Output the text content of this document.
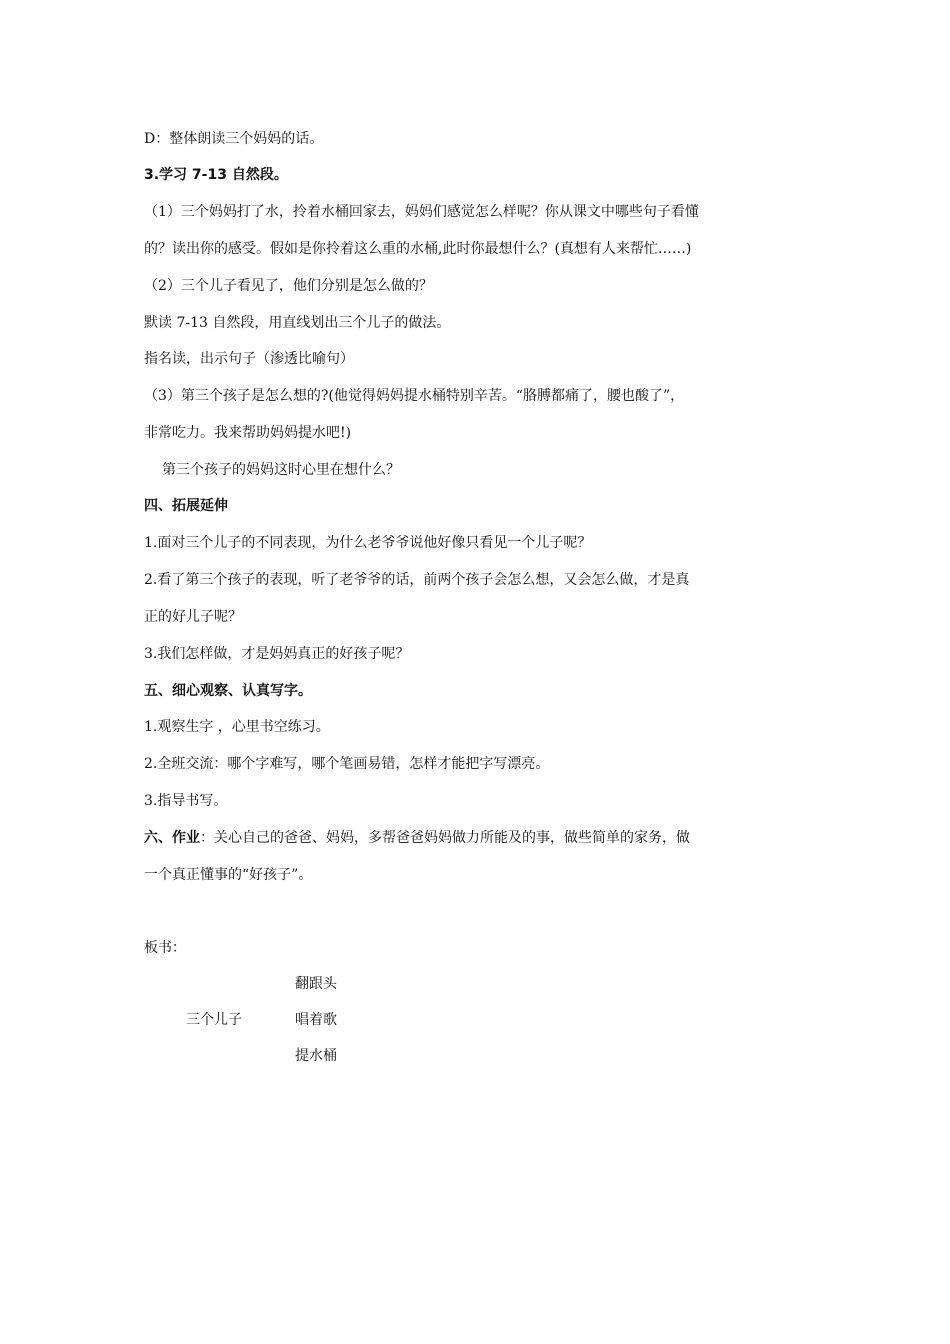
D：整体朗读三个妈妈的话。
3.学习 7-13 自然段。
（1）三个妈妈打了水，拎着水桶回家去，妈妈们感觉怎么样呢？你从课文中哪些句子看懂
的？读出你的感受。假如是你拎着这么重的水桶,此时你最想什么？(真想有人来帮忙……)
（2）三个儿子看见了，他们分别是怎么做的？
默读 7-13 自然段，用直线划出三个儿子的做法。
指名读，出示句子（渗透比喻句）
（3）第三个孩子是怎么想的?(他觉得妈妈提水桶特别辛苦。“胳膊都痛了，腰也酸了”，
非常吃力。我来帮助妈妈提水吧!)
第三个孩子的妈妈这时心里在想什么？
四、拓展延伸
1.面对三个儿子的不同表现，为什么老爷爷说他好像只看见一个儿子呢？
2.看了第三个孩子的表现，听了老爷爷的话，前两个孩子会怎么想，又会怎么做，才是真
正的好儿子呢？
3.我们怎样做，才是妈妈真正的好孩子呢？
五、细心观察、认真写字。
1.观察生字 ，心里书空练习。
2.全班交流：哪个字难写，哪个笔画易错，怎样才能把字写漂亮。
3.指导书写。
六、作业：关心自己的爸爸、妈妈，多帮爸爸妈妈做力所能及的事，做些简单的家务，做
一个真正懂事的“好孩子”。
板书：
翻跟头
三个儿子	唱着歌
提水桶
